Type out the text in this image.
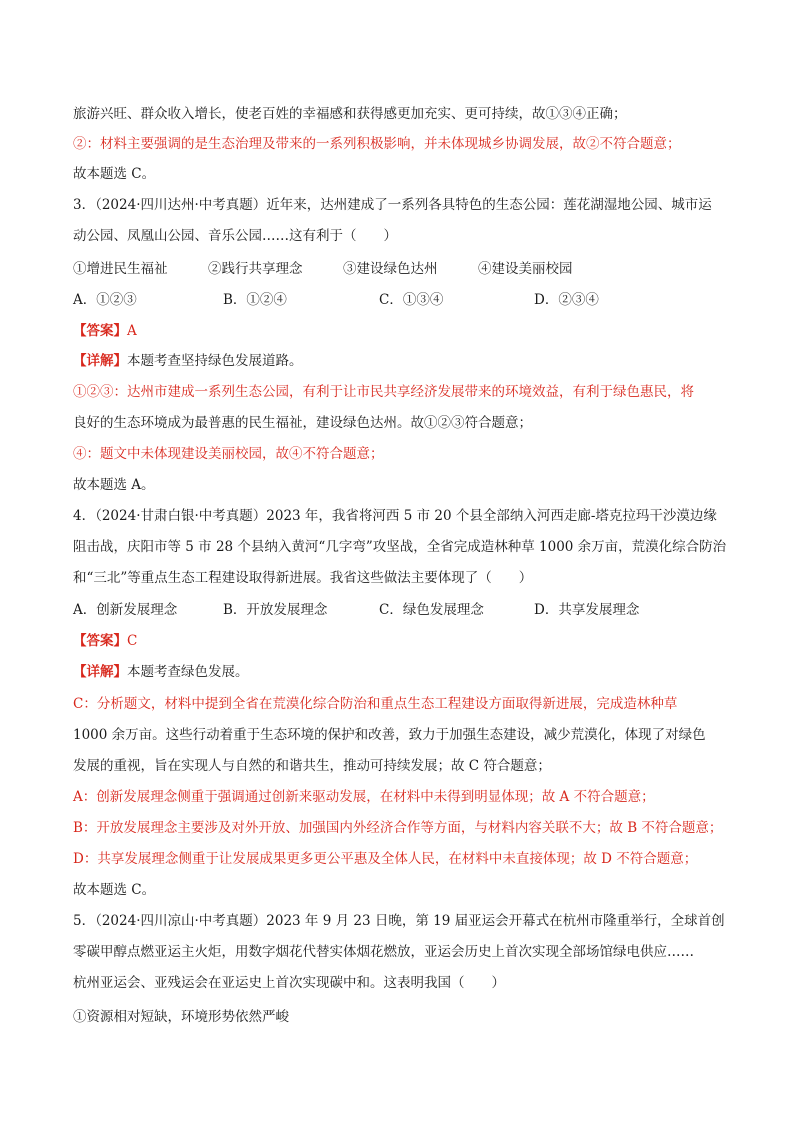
旅游兴旺、群众收入增长，使老百姓的幸福感和获得感更加充实、更可持续，故①③④正确；
②：材料主要强调的是生态治理及带来的一系列积极影响，并未体现城乡协调发展，故②不符合题意；
故本题选 C。
3．（2024·四川达州·中考真题）近年来，达州建成了一系列各具特色的生态公园：莲花湖湿地公园、城市运
动公园、凤凰山公园、音乐公园……这有利于（　　）
①增进民生福祉　　　②践行共享理念　　　③建设绿色达州　　　④建设美丽校园
A．①②③	B．①②④	C．①③④	D．②③④
【答案】A
【详解】本题考查坚持绿色发展道路。
①②③：达州市建成一系列生态公园，有利于让市民共享经济发展带来的环境效益，有利于绿色惠民，将
良好的生态环境成为最普惠的民生福祉，建设绿色达州。故①②③符合题意；
④：题文中未体现建设美丽校园，故④不符合题意；
故本题选 A。
4．（2024·甘肃白银·中考真题）2023 年，我省将河西 5 市 20 个县全部纳入河西走廊-塔克拉玛干沙漠边缘
阻击战，庆阳市等 5 市 28 个县纳入黄河“几字弯”攻坚战，全省完成造林种草 1000 余万亩，荒漠化综合防治
和“三北”等重点生态工程建设取得新进展。我省这些做法主要体现了（　　）
A．创新发展理念	B．开放发展理念	C．绿色发展理念	D．共享发展理念
【答案】C
【详解】本题考查绿色发展。
C：分析题文，材料中提到全省在荒漠化综合防治和重点生态工程建设方面取得新进展，完成造林种草
1000 余万亩。这些行动着重于生态环境的保护和改善，致力于加强生态建设，减少荒漠化，体现了对绿色
发展的重视，旨在实现人与自然的和谐共生，推动可持续发展；故 C 符合题意；
A：创新发展理念侧重于强调通过创新来驱动发展，在材料中未得到明显体现；故 A 不符合题意；
B：开放发展理念主要涉及对外开放、加强国内外经济合作等方面，与材料内容关联不大；故 B 不符合题意；
D：共享发展理念侧重于让发展成果更多更公平惠及全体人民，在材料中未直接体现；故 D 不符合题意；
故本题选 C。
5．（2024·四川凉山·中考真题）2023 年 9 月 23 日晚，第 19 届亚运会开幕式在杭州市隆重举行，全球首创
零碳甲醇点燃亚运主火炬，用数字烟花代替实体烟花燃放，亚运会历史上首次实现全部场馆绿电供应……
杭州亚运会、亚残运会在亚运史上首次实现碳中和。这表明我国（　　）
①资源相对短缺，环境形势依然严峻
